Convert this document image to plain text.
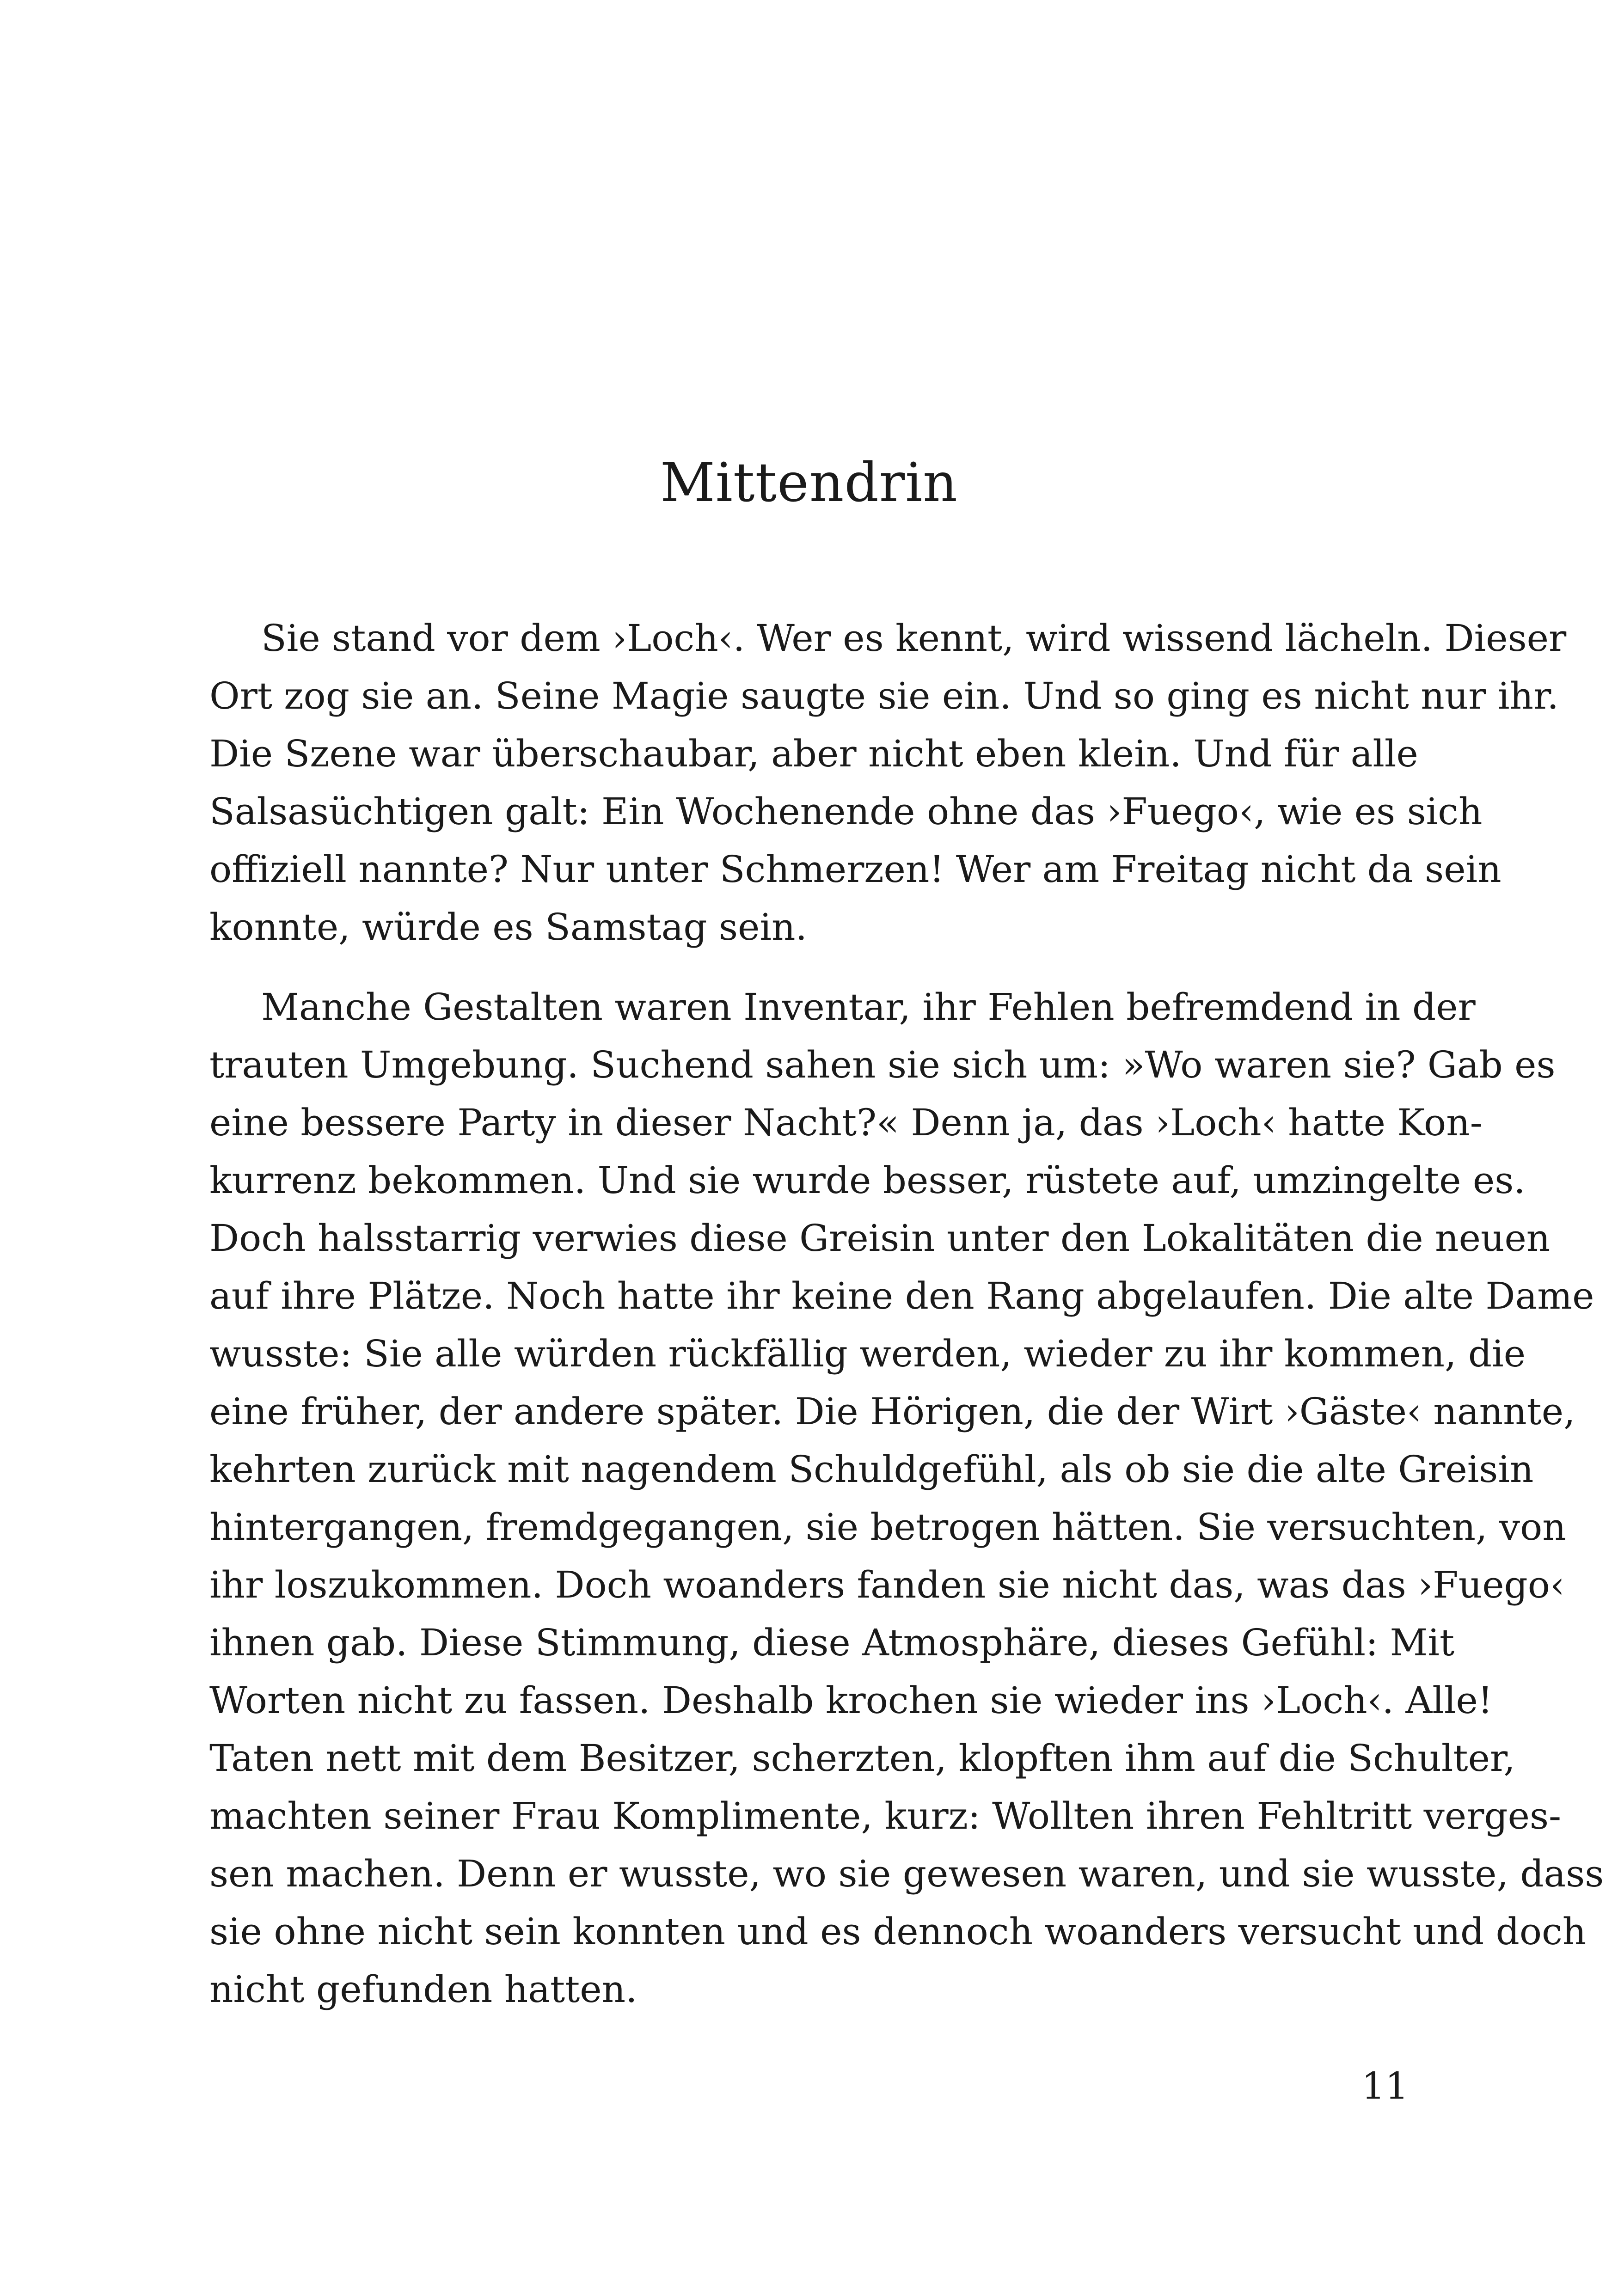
Mittendrin
Sie stand vor dem ›Loch‹. Wer es kennt, wird wissend lächeln. Dieser
Ort zog sie an. Seine Magie saugte sie ein. Und so ging es nicht nur ihr.
Die Szene war überschaubar, aber nicht eben klein. Und für alle
Salsasüchtigen galt: Ein Wochenende ohne das ›Fuego‹, wie es sich
offiziell nannte? Nur unter Schmerzen! Wer am Freitag nicht da sein
konnte, würde es Samstag sein.
Manche Gestalten waren Inventar, ihr Fehlen befremdend in der
trauten Umgebung. Suchend sahen sie sich um: »Wo waren sie? Gab es
eine bessere Party in dieser Nacht?« Denn ja, das ›Loch‹ hatte Kon-
kurrenz bekommen. Und sie wurde besser, rüstete auf, umzingelte es.
Doch halsstarrig verwies diese Greisin unter den Lokalitäten die neuen
auf ihre Plätze. Noch hatte ihr keine den Rang abgelaufen. Die alte Dame
wusste: Sie alle würden rückfällig werden, wieder zu ihr kommen, die
eine früher, der andere später. Die Hörigen, die der Wirt ›Gäste‹ nannte,
kehrten zurück mit nagendem Schuldgefühl, als ob sie die alte Greisin
hintergangen, fremdgegangen, sie betrogen hätten. Sie versuchten, von
ihr loszukommen. Doch woanders fanden sie nicht das, was das ›Fuego‹
ihnen gab. Diese Stimmung, diese Atmosphäre, dieses Gefühl: Mit
Worten nicht zu fassen. Deshalb krochen sie wieder ins ›Loch‹. Alle!
Taten nett mit dem Besitzer, scherzten, klopften ihm auf die Schulter,
machten seiner Frau Komplimente, kurz: Wollten ihren Fehltritt verges-
sen machen. Denn er wusste, wo sie gewesen waren, und sie wusste, dass
sie ohne nicht sein konnten und es dennoch woanders versucht und doch
nicht gefunden hatten.

11
